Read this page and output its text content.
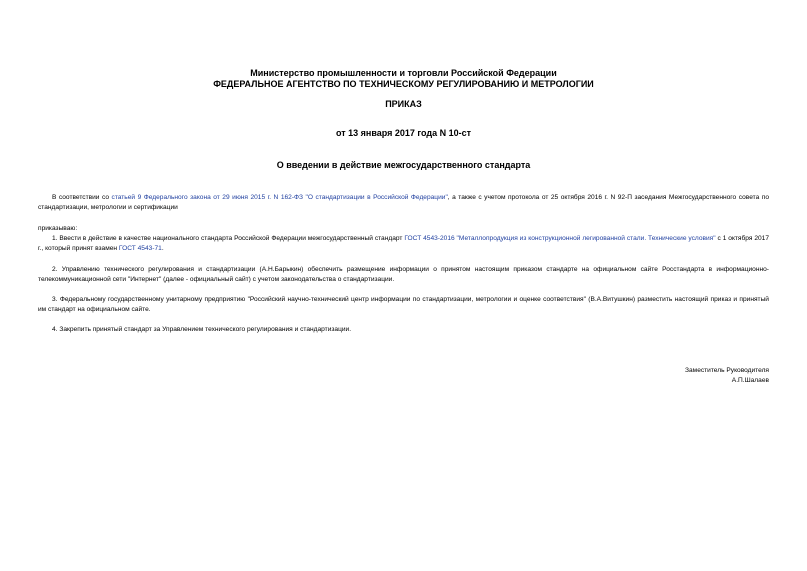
Министерство промышленности и торговли Российской Федерации
ФЕДЕРАЛЬНОЕ АГЕНТСТВО ПО ТЕХНИЧЕСКОМУ РЕГУЛИРОВАНИЮ И МЕТРОЛОГИИ
ПРИКАЗ
от 13 января 2017 года N 10-ст
О введении в действие межгосударственного стандарта
В соответствии со статьей 9 Федерального закона от 29 июня 2015 г. N 162-ФЗ "О стандартизации в Российской Федерации", а также с учетом протокола от 25 октября 2016 г. N 92-П заседания Межгосударственного совета по стандартизации, метрологии и сертификации
приказываю:
1. Ввести в действие в качестве национального стандарта Российской Федерации межгосударственный стандарт ГОСТ 4543-2016 "Металлопродукция из конструкционной легированной стали. Технические условия" с 1 октября 2017 г., который принят взамен ГОСТ 4543-71.
2. Управлению технического регулирования и стандартизации (А.Н.Барыкин) обеспечить размещение информации о принятом настоящим приказом стандарте на официальном сайте Росстандарта в информационно-телекоммуникационной сети "Интернет" (далее - официальный сайт) с учетом законодательства о стандартизации.
3. Федеральному государственному унитарному предприятию "Российский научно-технический центр информации по стандартизации, метрологии и оценке соответствия" (В.А.Витушкин) разместить настоящий приказ и принятый им стандарт на официальном сайте.
4. Закрепить принятый стандарт за Управлением технического регулирования и стандартизации.
Заместитель Руководителя
А.П.Шалаев
